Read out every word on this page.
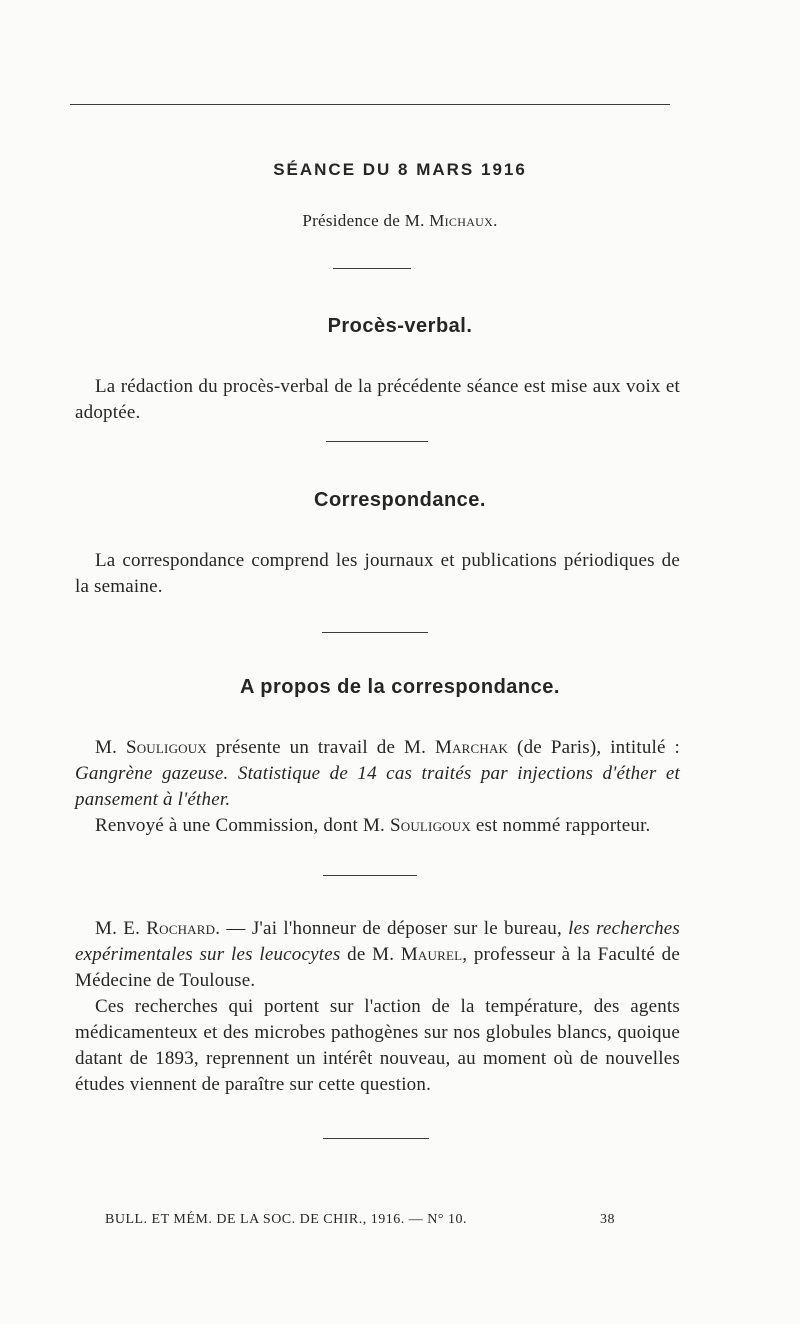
SÉANCE DU 8 MARS 1916
Présidence de M. Michaux.
Procès-verbal.

La rédaction du procès-verbal de la précédente séance est mise aux voix et adoptée.

Correspondance.

La correspondance comprend les journaux et publications périodiques de la semaine.

A propos de la correspondance.

M. Souligoux présente un travail de M. Marchak (de Paris), intitulé : Gangrène gazeuse. Statistique de 14 cas traités par injections d'éther et pansement à l'éther.

Renvoyé à une Commission, dont M. Souligoux est nommé rapporteur.

M. E. Rochard. — J'ai l'honneur de déposer sur le bureau, les recherches expérimentales sur les leucocytes de M. Maurel, professeur à la Faculté de Médecine de Toulouse.

Ces recherches qui portent sur l'action de la température, des agents médicamenteux et des microbes pathogènes sur nos globules blancs, quoique datant de 1893, reprennent un intérêt nouveau, au moment où de nouvelles études viennent de paraître sur cette question.

BULL. ET MÉM. DE LA SOC. DE CHIR., 1916. — N° 10.	38
